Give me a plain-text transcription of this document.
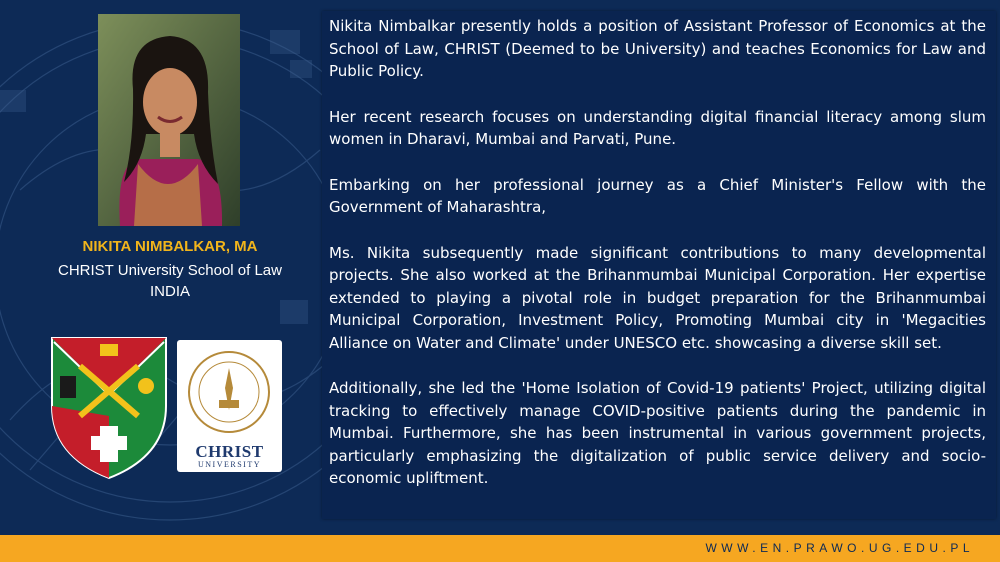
NIKITA NIMBALKAR, MA
CHRIST University School of Law
INDIA
CHRIST
UNIVERSITY

Nikita Nimbalkar presently holds a position of Assistant Professor of Economics at the School of Law, CHRIST (Deemed to be University) and teaches Economics for Law and Public Policy.

Her recent research focuses on understanding digital financial literacy among slum women in Dharavi, Mumbai and Parvati, Pune.

Embarking on her professional journey as a Chief Minister's Fellow with the Government of Maharashtra,

Ms. Nikita subsequently made significant contributions to many developmental projects. She also worked at the Brihanmumbai Municipal Corporation. Her expertise extended to playing a pivotal role in budget preparation for the Brihanmumbai Municipal Corporation, Investment Policy, Promoting Mumbai city in 'Megacities Alliance on Water and Climate' under UNESCO etc. showcasing a diverse skill set.

Additionally, she led the 'Home Isolation of Covid-19 patients' Project, utilizing digital tracking to effectively manage COVID-positive patients during the pandemic in Mumbai. Furthermore, she has been instrumental in various government projects, particularly emphasizing the digitalization of public service delivery and socio-economic upliftment.

WWW.EN.PRAWO.UG.EDU.PL
